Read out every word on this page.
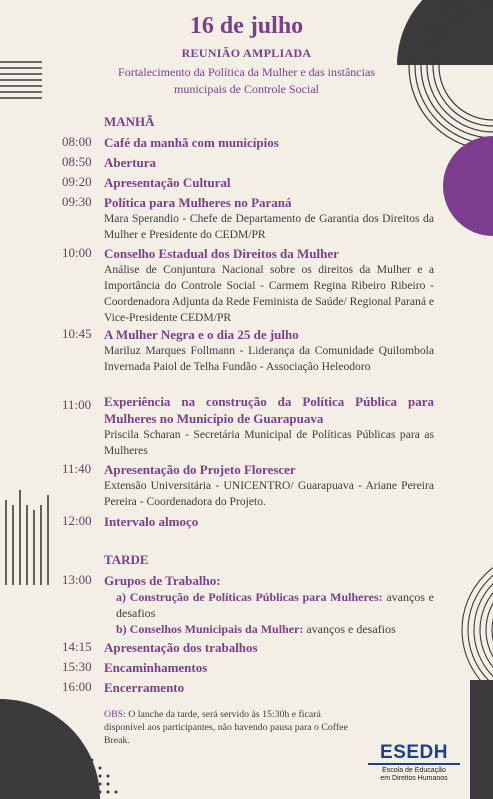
16 de julho
REUNIÃO AMPLIADA
Fortalecimento da Política da Mulher e das instâncias
municipais de Controle Social
MANHÃ
08:00 Café da manhã com municípios
08:50 Abertura
09:20 Apresentação Cultural
09:30 Política para Mulheres no Paraná
Mara Sperandio - Chefe de Departamento de Garantia dos Direitos da Mulher e Presidente do CEDM/PR
10:00 Conselho Estadual dos Direitos da Mulher
Análise de Conjuntura Nacional sobre os direitos da Mulher e a Importância do Controle Social - Carmem Regina Ribeiro Ribeiro - Coordenadora Adjunta da Rede Feminista de Saúde/ Regional Paraná e Vice-Presidente CEDM/PR
10:45 A Mulher Negra e o dia 25 de julho
Mariluz Marques Follmann - Liderança da Comunidade Quilombola Invernada Paiol de Telha Fundão - Associação Heleodoro
11:00 Experiência na construção da Política Pública para Mulheres no Município de Guarapuava
Priscila Scharan - Secretária Municipal de Políticas Públicas para as Mulheres
11:40 Apresentação do Projeto Florescer
Extensão Universitária - UNICENTRO/ Guarapuava - Ariane Pereira Pereira - Coordenadora do Projeto.
12:00 Intervalo almoço
TARDE
13:00 Grupos de Trabalho:
a) Construção de Políticas Públicas para Mulheres: avanços e desafios
b) Conselhos Municipais da Mulher: avanços e desafios
14:15 Apresentação dos trabalhos
15:30 Encaminhamentos
16:00 Encerramento
OBS: O lanche da tarde, será servido às 15:30h e ficará disponível aos participantes, não havendo pausa para o Coffee Break.
ESEDH
Escola de Educação
em Direitos Humanos
